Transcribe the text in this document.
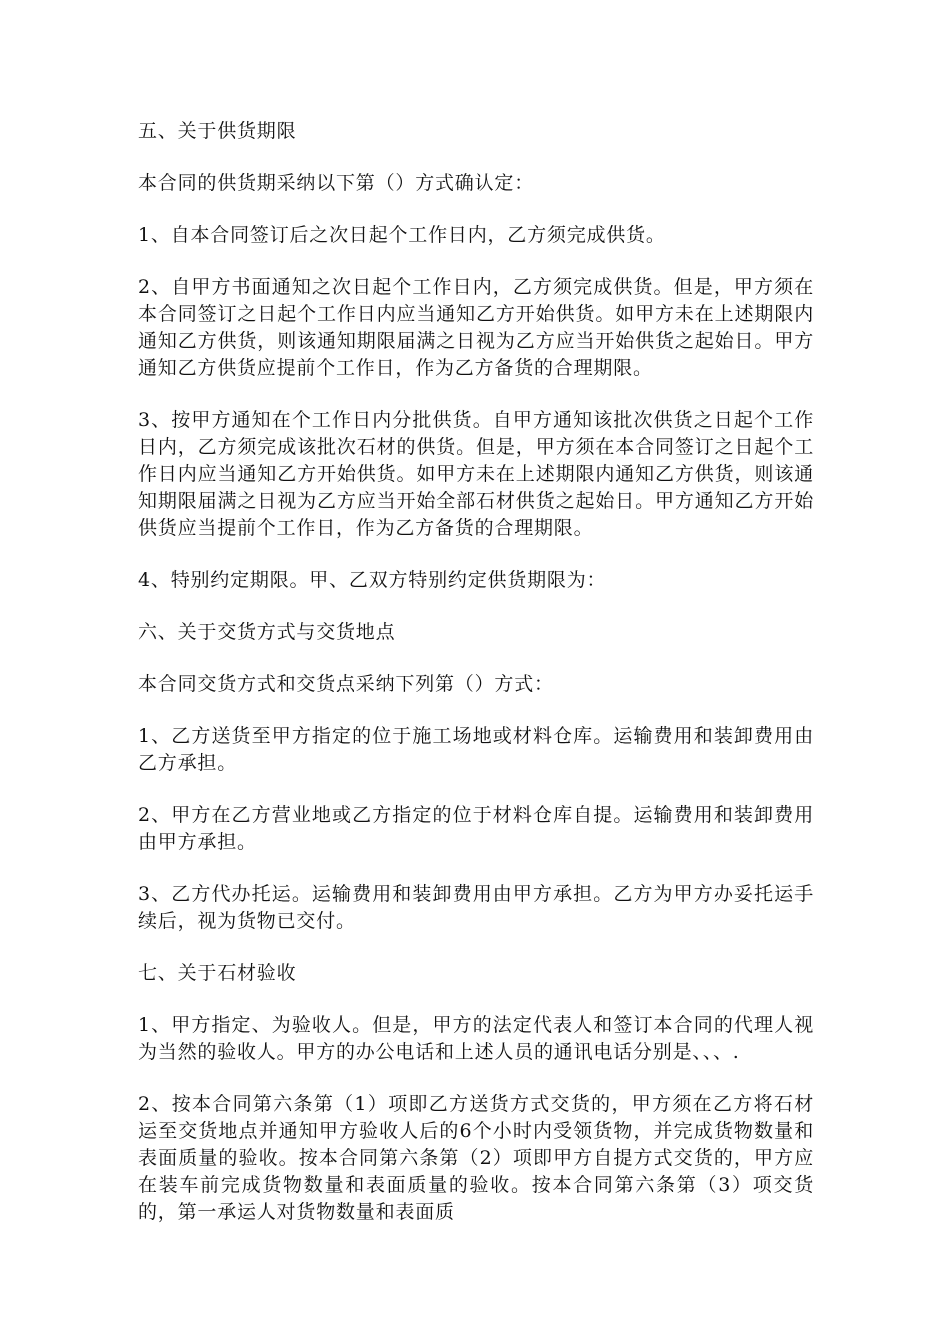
五、关于供货期限

本合同的供货期采纳以下第（）方式确认定：

1、自本合同签订后之次日起个工作日内，乙方须完成供货。

2、自甲方书面通知之次日起个工作日内，乙方须完成供货。但是，甲方须在本合同签订之日起个工作日内应当通知乙方开始供货。如甲方未在上述期限内通知乙方供货，则该通知期限届满之日视为乙方应当开始供货之起始日。甲方通知乙方供货应提前个工作日，作为乙方备货的合理期限。

3、按甲方通知在个工作日内分批供货。自甲方通知该批次供货之日起个工作日内，乙方须完成该批次石材的供货。但是，甲方须在本合同签订之日起个工作日内应当通知乙方开始供货。如甲方未在上述期限内通知乙方供货，则该通知期限届满之日视为乙方应当开始全部石材供货之起始日。甲方通知乙方开始供货应当提前个工作日，作为乙方备货的合理期限。

4、特别约定期限。甲、乙双方特别约定供货期限为：

六、关于交货方式与交货地点

本合同交货方式和交货点采纳下列第（）方式：

1、乙方送货至甲方指定的位于施工场地或材料仓库。运输费用和装卸费用由乙方承担。

2、甲方在乙方营业地或乙方指定的位于材料仓库自提。运输费用和装卸费用由甲方承担。

3、乙方代办托运。运输费用和装卸费用由甲方承担。乙方为甲方办妥托运手续后，视为货物已交付。

七、关于石材验收

1、甲方指定、为验收人。但是，甲方的法定代表人和签订本合同的代理人视为当然的验收人。甲方的办公电话和上述人员的通讯电话分别是、、、.

2、按本合同第六条第（1）项即乙方送货方式交货的，甲方须在乙方将石材运至交货地点并通知甲方验收人后的6个小时内受领货物，并完成货物数量和表面质量的验收。按本合同第六条第（2）项即甲方自提方式交货的，甲方应在装车前完成货物数量和表面质量的验收。按本合同第六条第（3）项交货的，第一承运人对货物数量和表面质
